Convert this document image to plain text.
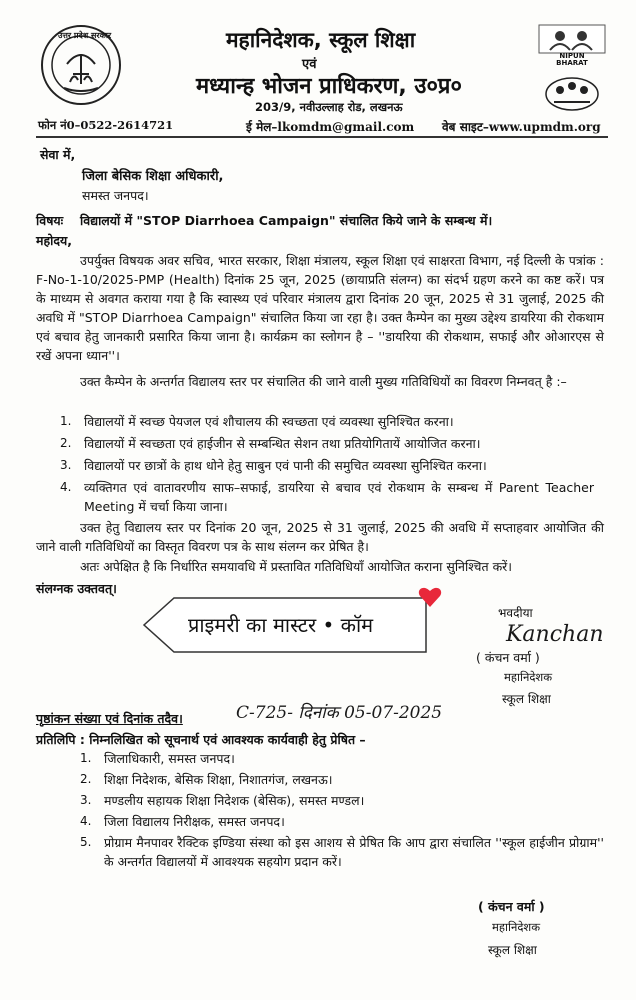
उत्तर प्रदेश सरकार	महानिदेशक, स्कूल शिक्षा
एवं
मध्यान्ह भोजन प्राधिकरण, उ०प्र०
203/9, नवीउल्लाह रोड, लखनऊ
NIPUN BHARAT
फोन नं0–0522-2614721	ई मेल–lkomdm@gmail.com वेब साइट–www.upmdm.org
सेवा में,
जिला बेसिक शिक्षा अधिकारी,
समस्त जनपद।
विषयः विद्यालयों में "STOP Diarrhoea Campaign" संचालित किये जाने के सम्बन्ध में।
महोदय,
उपर्युक्त विषयक अवर सचिव, भारत सरकार, शिक्षा मंत्रालय, स्कूल शिक्षा एवं साक्षरता विभाग, नई दिल्ली के पत्रांक : F-No-1-10/2025-PMP (Health) दिनांक 25 जून, 2025 (छायाप्रति संलग्न) का संदर्भ ग्रहण करने का कष्ट करें। पत्र के माध्यम से अवगत कराया गया है कि स्वास्थ्य एवं परिवार मंत्रालय द्वारा दिनांक 20 जून, 2025 से 31 जुलाई, 2025 की अवधि में "STOP Diarrhoea Campaign" संचालित किया जा रहा है। उक्त कैम्पेन का मुख्य उद्देश्य डायरिया की रोकथाम एवं बचाव हेतु जानकारी प्रसारित किया जाना है। कार्यक्रम का स्लोगन है – ''डायरिया की रोकथाम, सफाई और ओआरएस से रखें अपना ध्यान''।
उक्त कैम्पेन के अन्तर्गत विद्यालय स्तर पर संचालित की जाने वाली मुख्य गतिविधियों का विवरण निम्नवत् है :–
1. विद्यालयों में स्वच्छ पेयजल एवं शौचालय की स्वच्छता एवं व्यवस्था सुनिश्चित करना।
2. विद्यालयों में स्वच्छता एवं हाईजीन से सम्बन्धित सेशन तथा प्रतियोगितायें आयोजित करना।
3. विद्यालयों पर छात्रों के हाथ धोने हेतु साबुन एवं पानी की समुचित व्यवस्था सुनिश्चित करना।
4. व्यक्तिगत एवं वातावरणीय साफ–सफाई, डायरिया से बचाव एवं रोकथाम के सम्बन्ध में Parent Teacher Meeting में चर्चा किया जाना।
उक्त हेतु विद्यालय स्तर पर दिनांक 20 जून, 2025 से 31 जुलाई, 2025 की अवधि में सप्ताहवार आयोजित की जाने वाली गतिविधियों का विस्तृत विवरण पत्र के साथ संलग्न कर प्रेषित है।
अतः अपेक्षित है कि निर्धारित समयावधि में प्रस्तावित गतिविधियाँ आयोजित कराना सुनिश्चित करें।
संलग्नक उक्तवत्।
प्राइमरी का मास्टर • कॉम	भवदीया
Kanchan
( कंचन वर्मा )
महानिदेशक
स्कूल शिक्षा
पृष्ठांकन संख्या एवं दिनांक तदैव।	C-725- दिनांक 05-07-2025
प्रतिलिपि : निम्नलिखित को सूचनार्थ एवं आवश्यक कार्यवाही हेतु प्रेषित –
1. जिलाधिकारी, समस्त जनपद।
2. शिक्षा निदेशक, बेसिक शिक्षा, निशातगंज, लखनऊ।
3. मण्डलीय सहायक शिक्षा निदेशक (बेसिक), समस्त मण्डल।
4. जिला विद्यालय निरीक्षक, समस्त जनपद।
5. प्रोग्राम मैनपावर रैक्टिक इण्डिया संस्था को इस आशय से प्रेषित कि आप द्वारा संचालित ''स्कूल हाईजीन प्रोग्राम'' के अन्तर्गत विद्यालयों में आवश्यक सहयोग प्रदान करें।
( कंचन वर्मा )
महानिदेशक
स्कूल शिक्षा
